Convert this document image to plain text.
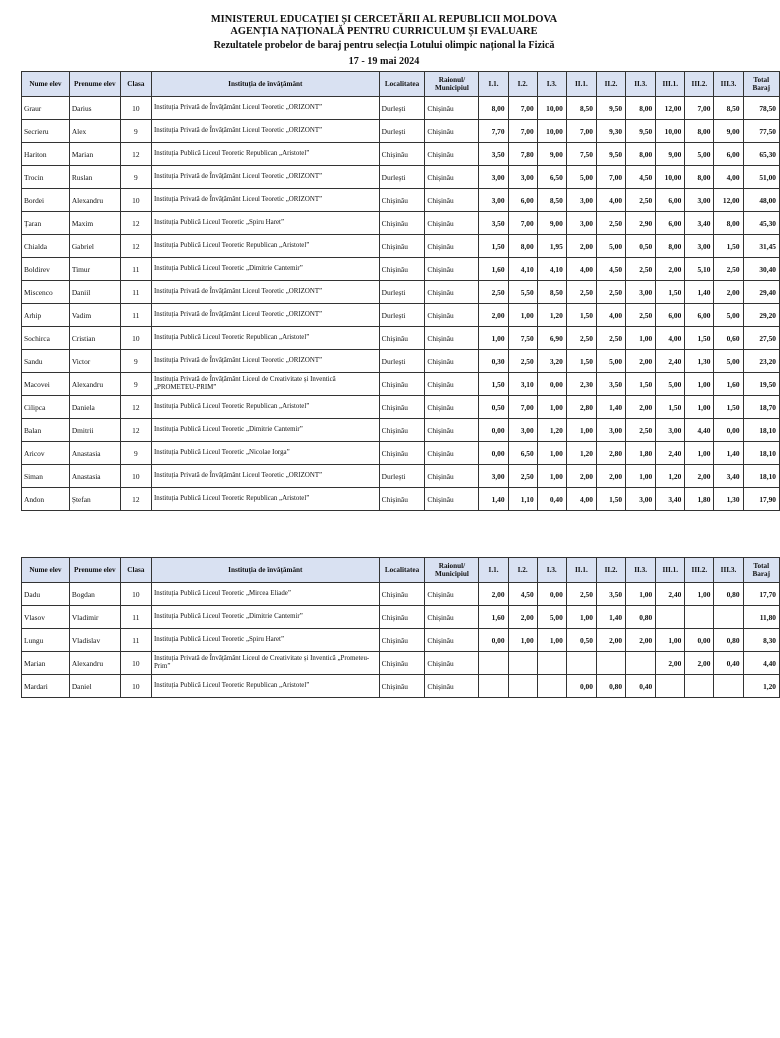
MINISTERUL EDUCAȚIEI ȘI CERCETĂRII AL REPUBLICII MOLDOVA
AGENȚIA NAȚIONALĂ PENTRU CURRICULUM ȘI EVALUARE
Rezultatele probelor de baraj pentru selecția Lotului olimpic național la Fizică
17 - 19 mai 2024
Nume elev	Prenume elev	Clasa	Instituția de învățământ	Localitatea	Raionul/ Municipiul	I.1.	I.2.	I.3.	II.1.	II.2.	II.3.	III.1.	III.2.	III.3.	Total Baraj
Graur	Darius	10	Instituția Privată de Învățământ Liceul Teoretic „ORIZONT”	Durlești	Chișinău	8,00	7,00	10,00	8,50	9,50	8,00	12,00	7,00	8,50	78,50
Secrieru	Alex	9	Instituția Privată de Învățământ Liceul Teoretic „ORIZONT”	Durlești	Chișinău	7,70	7,00	10,00	7,00	9,30	9,50	10,00	8,00	9,00	77,50
Hariton	Marian	12	Instituția Publică Liceul Teoretic Republican „Aristotel”	Chișinău	Chișinău	3,50	7,80	9,00	7,50	9,50	8,00	9,00	5,00	6,00	65,30
Trocin	Ruslan	9	Instituția Privată de Învățământ Liceul Teoretic „ORIZONT”	Durlești	Chișinău	3,00	3,00	6,50	5,00	7,00	4,50	10,00	8,00	4,00	51,00
Bordei	Alexandru	10	Instituția Privată de Învățământ Liceul Teoretic „ORIZONT”	Chișinău	Chișinău	3,00	6,00	8,50	3,00	4,00	2,50	6,00	3,00	12,00	48,00
Țaran	Maxim	12	Instituția Publică Liceul Teoretic „Spiru Haret”	Chișinău	Chișinău	3,50	7,00	9,00	3,00	2,50	2,90	6,00	3,40	8,00	45,30
Chialda	Gabriel	12	Instituția Publică Liceul Teoretic Republican „Aristotel”	Chișinău	Chișinău	1,50	8,00	1,95	2,00	5,00	0,50	8,00	3,00	1,50	31,45
Boldirev	Timur	11	Instituția Publică Liceul Teoretic „Dimitrie Cantemir”	Chișinău	Chișinău	1,60	4,10	4,10	4,00	4,50	2,50	2,00	5,10	2,50	30,40
Miscenco	Daniil	11	Instituția Privată de Învățământ Liceul Teoretic „ORIZONT”	Durlești	Chișinău	2,50	5,50	8,50	2,50	2,50	3,00	1,50	1,40	2,00	29,40
Arhip	Vadim	11	Instituția Privată de Învățământ Liceul Teoretic „ORIZONT”	Durlești	Chișinău	2,00	1,00	1,20	1,50	4,00	2,50	6,00	6,00	5,00	29,20
Sochirca	Cristian	10	Instituția Publică Liceul Teoretic Republican „Aristotel”	Chișinău	Chișinău	1,00	7,50	6,90	2,50	2,50	1,00	4,00	1,50	0,60	27,50
Sandu	Victor	9	Instituția Privată de Învățământ Liceul Teoretic „ORIZONT”	Durlești	Chișinău	0,30	2,50	3,20	1,50	5,00	2,00	2,40	1,30	5,00	23,20
Macovei	Alexandru	9	Instituția Privată de Învățământ Liceul de Creativitate și Inventică „PROMETEU-PRIM”	Chișinău	Chișinău	1,50	3,10	0,00	2,30	3,50	1,50	5,00	1,00	1,60	19,50
Cilipca	Daniela	12	Instituția Publică Liceul Teoretic Republican „Aristotel”	Chișinău	Chișinău	0,50	7,00	1,00	2,80	1,40	2,00	1,50	1,00	1,50	18,70
Balan	Dmitrii	12	Instituția Publică Liceul Teoretic „Dimitrie Cantemir”	Chișinău	Chișinău	0,00	3,00	1,20	1,00	3,00	2,50	3,00	4,40	0,00	18,10
Aricov	Anastasia	9	Instituția Publică Liceul Teoretic „Nicolae Iorga”	Chișinău	Chișinău	0,00	6,50	1,00	1,20	2,80	1,80	2,40	1,00	1,40	18,10
Siman	Anastasia	10	Instituția Privată de Învățământ Liceul Teoretic „ORIZONT”	Durlești	Chișinău	3,00	2,50	1,00	2,00	2,00	1,00	1,20	2,00	3,40	18,10
Andon	Ștefan	12	Instituția Publică Liceul Teoretic Republican „Aristotel”	Chișinău	Chișinău	1,40	1,10	0,40	4,00	1,50	3,00	3,40	1,80	1,30	17,90
Nume elev	Prenume elev	Clasa	Instituția de învățământ	Localitatea	Raionul/ Municipiul	I.1.	I.2.	I.3.	II.1.	II.2.	II.3.	III.1.	III.2.	III.3.	Total Baraj
Dadu	Bogdan	10	Instituția Publică Liceul Teoretic „Mircea Eliade”	Chișinău	Chișinău	2,00	4,50	0,00	2,50	3,50	1,00	2,40	1,00	0,80	17,70
Vlasov	Vladimir	11	Instituția Publică Liceul Teoretic „Dimitrie Cantemir”	Chișinău	Chișinău	1,60	2,00	5,00	1,00	1,40	0,80				11,80
Lungu	Vladislav	11	Instituția Publică Liceul Teoretic „Spiru Haret”	Chișinău	Chișinău	0,00	1,00	1,00	0,50	2,00	2,00	1,00	0,00	0,80	8,30
Marian	Alexandru	10	Instituția Privată de Învățământ Liceul de Creativitate și Inventică „Prometeu-Prim”	Chișinău	Chișinău							2,00	2,00	0,40	4,40
Mardari	Daniel	10	Instituția Publică Liceul Teoretic Republican „Aristotel”	Chișinău	Chișinău				0,00	0,80	0,40				1,20
